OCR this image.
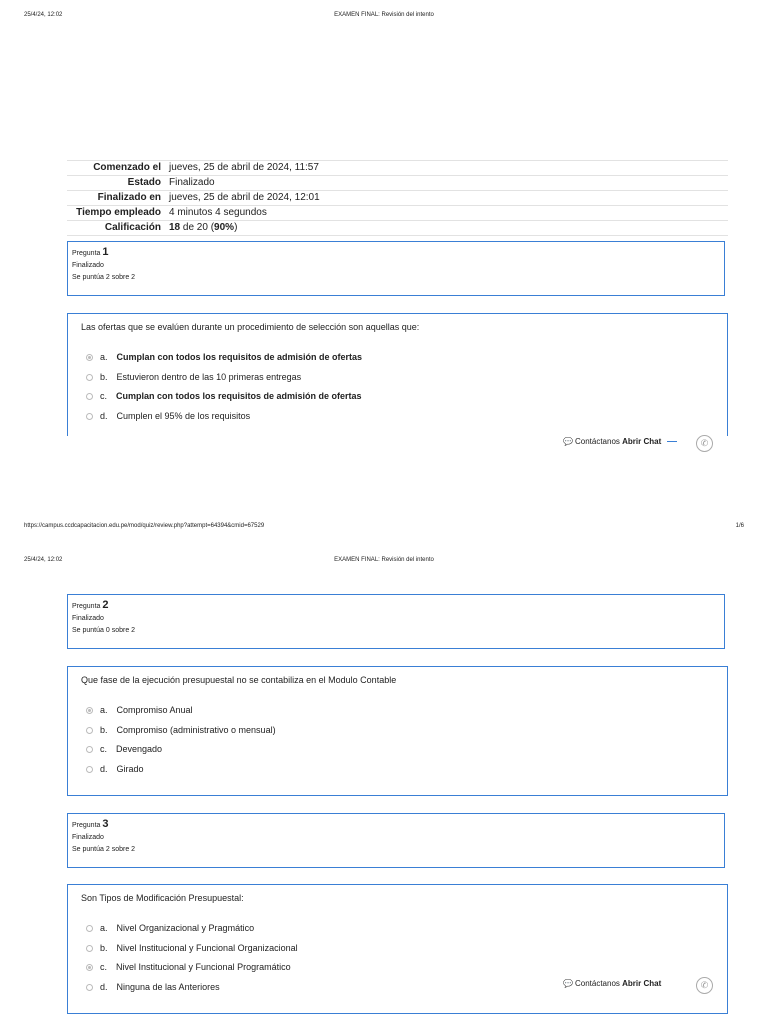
25/4/24, 12:02	EXAMEN FINAL: Revisión del intento
Comenzado el	jueves, 25 de abril de 2024, 11:57
Estado	Finalizado
Finalizado en	jueves, 25 de abril de 2024, 12:01
Tiempo empleado	4 minutos 4 segundos
Calificación	18 de 20 (90%)
Pregunta 1
Finalizado
Se puntúa 2 sobre 2
Las ofertas que se evalúen durante un procedimiento de selección son aquellas que:
a. Cumplan con todos los requisitos de admisión de ofertas
b. Estuvieron dentro de las 10 primeras entregas
c. Cumplan con todos los requisitos de admisión de ofertas
d. Cumplen el 95% de los requisitos
💬 Contáctanos
Abrir Chat	✆
https://campus.ccdcapacitacion.edu.pe/mod/quiz/review.php?attempt=64394&cmid=67529	1/6
25/4/24, 12:02	EXAMEN FINAL: Revisión del intento
Pregunta 2
Finalizado
Se puntúa 0 sobre 2
Que fase de la ejecución presupuestal no se contabiliza en el Modulo Contable
a. Compromiso Anual
b. Compromiso (administrativo o mensual)
c. Devengado
d. Girado
Pregunta 3
Finalizado
Se puntúa 2 sobre 2
Son Tipos de Modificación Presupuestal:
a. Nivel Organizacional y Pragmático
b. Nivel Institucional y Funcional Organizacional
c. Nivel Institucional y Funcional Programático
d. Ninguna de las Anteriores	💬 Contáctanos
Abrir Chat	✆
